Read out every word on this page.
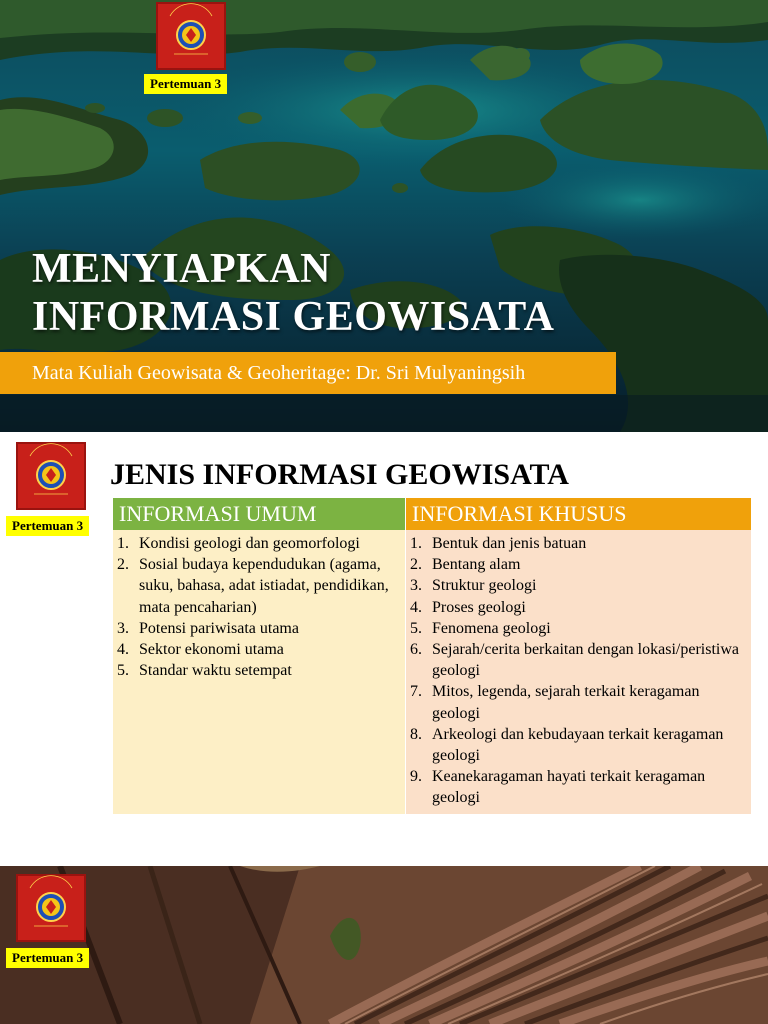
Pertemuan 3
MENYIAPKAN
INFORMASI GEOWISATA
Mata Kuliah Geowisata & Geoheritage: Dr. Sri Mulyaningsih
Pertemuan 3
JENIS INFORMASI GEOWISATA
INFORMASI UMUM
1. Kondisi geologi dan geomorfologi
2. Sosial budaya kependudukan (agama, suku, bahasa, adat istiadat, pendidikan, mata pencaharian)
3. Potensi pariwisata utama
4. Sektor ekonomi utama
5. Standar waktu setempat
INFORMASI KHUSUS
1. Bentuk dan jenis batuan
2. Bentang alam
3. Struktur geologi
4. Proses geologi
5. Fenomena geologi
6. Sejarah/cerita berkaitan dengan lokasi/peristiwa geologi
7. Mitos, legenda, sejarah terkait keragaman geologi
8. Arkeologi dan kebudayaan terkait keragaman geologi
9. Keanekaragaman hayati terkait keragaman geologi
Pertemuan 3
